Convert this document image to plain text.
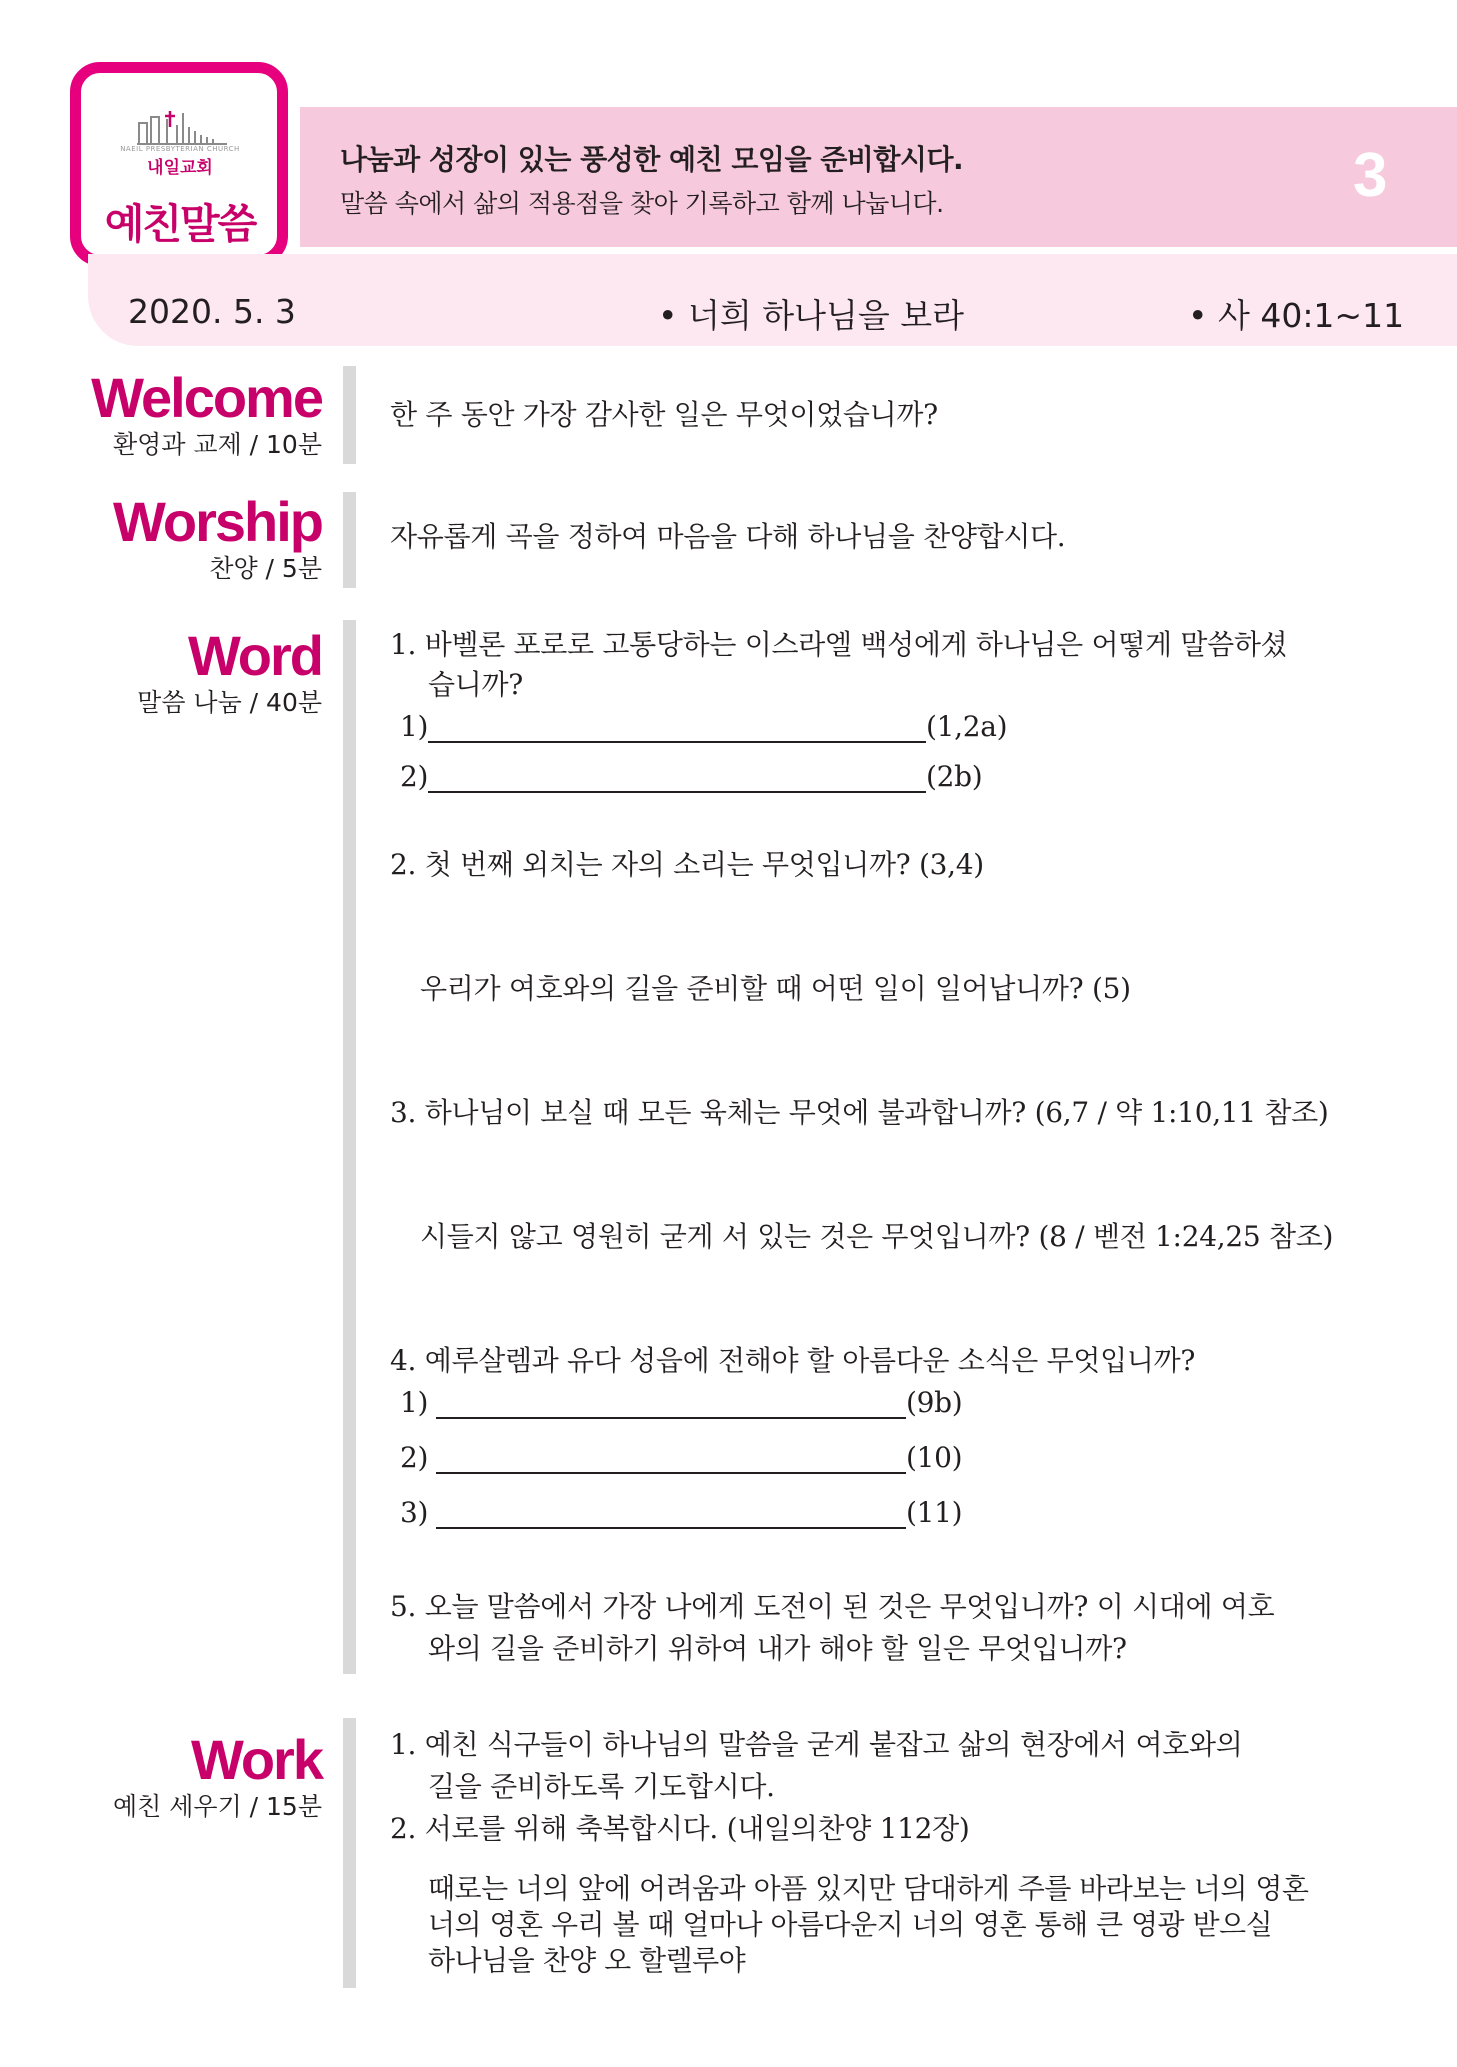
나눔과 성장이 있는 풍성한 예친 모임을 준비합시다.
말씀 속에서 삶의 적용점을 찾아 기록하고 함께 나눕니다.	3
NAEIL PRESBYTERIAN CHURCH
내일교회
예친말씀
2020. 5. 3	• 너희 하나님을 보라	• 사 40:1~11
Welcome
환영과 교제 / 10분
한 주 동안 가장 감사한 일은 무엇이었습니까?
Worship
찬양 / 5분
자유롭게 곡을 정하여 마음을 다해 하나님을 찬양합시다.
Word
말씀 나눔 / 40분
1. 바벨론 포로로 고통당하는 이스라엘 백성에게 하나님은 어떻게 말씀하셨
습니까?
1)	(1,2a)
2)	(2b)
2. 첫 번째 외치는 자의 소리는 무엇입니까? (3,4)
우리가 여호와의 길을 준비할 때 어떤 일이 일어납니까? (5)
3. 하나님이 보실 때 모든 육체는 무엇에 불과합니까? (6,7 / 약 1:10,11 참조)
시들지 않고 영원히 굳게 서 있는 것은 무엇입니까? (8 / 벧전 1:24,25 참조)
4. 예루살렘과 유다 성읍에 전해야 할 아름다운 소식은 무엇입니까?
1)	(9b)
2)	(10)
3)	(11)
5. 오늘 말씀에서 가장 나에게 도전이 된 것은 무엇입니까? 이 시대에 여호
와의 길을 준비하기 위하여 내가 해야 할 일은 무엇입니까?
Work
예친 세우기 / 15분
1. 예친 식구들이 하나님의 말씀을 굳게 붙잡고 삶의 현장에서 여호와의
길을 준비하도록 기도합시다.
2. 서로를 위해 축복합시다. (내일의찬양 112장)
때로는 너의 앞에 어려움과 아픔 있지만 담대하게 주를 바라보는 너의 영혼
너의 영혼 우리 볼 때 얼마나 아름다운지 너의 영혼 통해 큰 영광 받으실
하나님을 찬양 오 할렐루야
